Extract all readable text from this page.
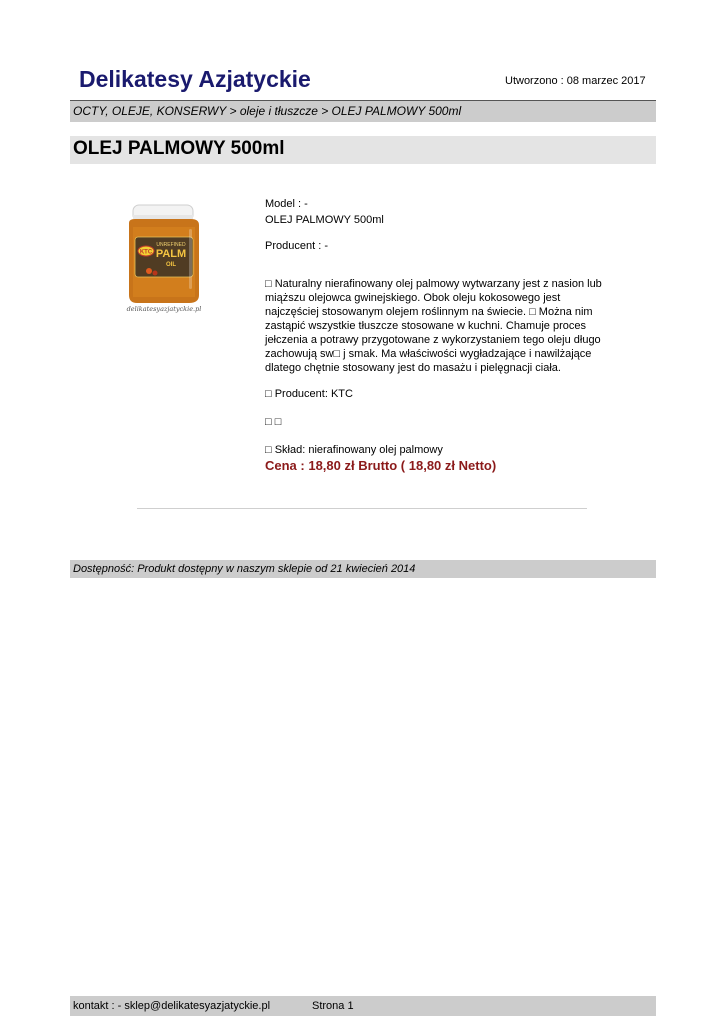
Delikatesy Azjatyckie	Utworzono : 08 marzec 2017
OCTY, OLEJE, KONSERWY > oleje i tłuszcze > OLEJ PALMOWY 500ml
OLEJ PALMOWY 500ml
KTC
UNREFINED
PALM
OIL
delikatesyazjatyckie.pl
Model : -
OLEJ PALMOWY 500ml
Producent : -
□ Naturalny nierafinowany olej palmowy wytwarzany jest z nasion lub
miąższu olejowca gwinejskiego. Obok oleju kokosowego jest
najczęściej stosowanym olejem roślinnym na świecie. □ Można nim
zastąpić wszystkie tłuszcze stosowane w kuchni. Chamuje proces
jełczenia a potrawy przygotowane z wykorzystaniem tego oleju długo
zachowują sw□ j smak. Ma właściwości wygładzające i nawilżające
dlatego chętnie stosowany jest do masażu i pielęgnacji ciała.
□ Producent: KTC
□ □
□ Skład: nierafinowany olej palmowy
Cena : 18,80 zł Brutto ( 18,80 zł Netto)
Dostępność: Produkt dostępny w naszym sklepie od 21 kwiecień 2014
kontakt : - sklep@delikatesyazjatyckie.pl	Strona 1
